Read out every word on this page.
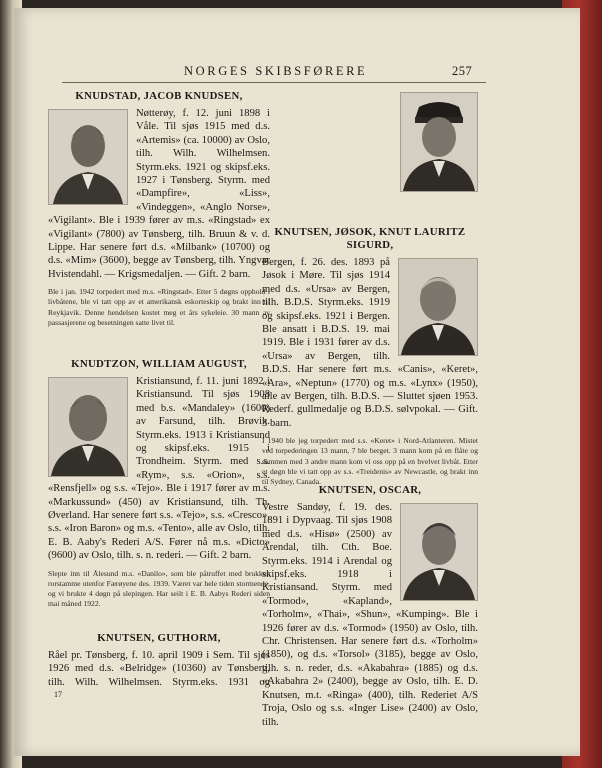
NORGES SKIBSFØRERE	257
KNUDSTAD, JACOB KNUDSEN,

Nøtterøy, f. 12. juni 1898 i Våle. Til sjøs 1915 med d.s. «Artemis» (ca. 10000) av Oslo, tilh. Wilh. Wilhelmsen. Styrm.eks. 1921 og skipsf.eks. 1927 i Tønsberg. Styrm. med «Dampfire», «Liss», «Vindeggen», «Anglo Norse», «Vigilant». Ble i 1939 fører av m.s. «Ringstad» ex «Vigilant» (7800) av Tønsberg, tilh. Bruun & v. d. Lippe. Har senere ført d.s. «Milbank» (10700) og d.s. «Mim» (3600), begge av Tønsberg, tilh. Yngvar Hvistendahl. — Krigsmedaljen. — Gift. 2 barn.

Ble i jan. 1942 torpedert med m.s. «Ringstad». Etter 5 døgns opphold i livbåtene, ble vi tatt opp av et amerikansk eskorteskip og brakt inn til Reykjavik. Denne hendelsen kostet meg et års sykeleie. 30 mann av passasjerene og besetningen satte livet til.

KNUDTZON, WILLIAM AUGUST,

Kristiansund, f. 11. juni 1892 i Kristiansund. Til sjøs 1908 med b.s. «Mandaley» (1600) av Farsund, tilh. Brøvik. Styrm.eks. 1913 i Kristiansund og skipsf.eks. 1915 i Trondheim. Styrm. med s.s. «Rym», s.s. «Orion», s.s. «Rensfjell» og s.s. «Tejo». Ble i 1917 fører av m.s. «Markussund» (450) av Kristiansund, tilh. Th. Øverland. Har senere ført s.s. «Tejo», s.s. «Cresco», s.s. «Iron Baron» og m.s. «Tento», alle av Oslo, tilh. E. B. Aaby's Rederi A/S. Fører nå m.s. «Dicto» (9600) av Oslo, tilh. s. n. rederi. — Gift. 2 barn.

Slepte inn til Ålesund m.s. «Danilo», som ble påtruffet med brukken rorstamme utenfor Færøyene des. 1939. Været var hele tiden stormende, og vi brukte 4 døgn på slepingen. Har seilt i E. B. Aabys Rederi siden mai måned 1922.

KNUTSEN, GUTHORM,

Råel pr. Tønsberg, f. 10. april 1909 i Sem. Til sjøs 1926 med d.s. «Belridge» (10360) av Tønsberg, tilh. Wilh. Wilhelmsen. Styrm.eks. 1931 og

17

KNUTSEN, JØSOK, KNUT LAURITZ SIGURD,

Bergen, f. 26. des. 1893 på Jøsok i Møre. Til sjøs 1914 med d.s. «Ursa» av Bergen, tilh. B.D.S. Styrm.eks. 1919 og skipsf.eks. 1921 i Bergen. Ble ansatt i B.D.S. 19. mai 1919. Ble i 1931 fører av d.s. «Ursa» av Bergen, tilh. B.D.S. Har senere ført m.s. «Canis», «Keret», «Ara», «Neptun» (1770) og m.s. «Lynx» (1950), alle av Bergen, tilh. B.D.S. — Sluttet sjøen 1953. Rederf. gullmedalje og B.D.S. sølvpokal. — Gift. 3 barn.

I 1940 ble jeg torpedert med s.s. «Keret» i Nord-Atlanteren. Mistet ved torpederingen 13 mann, 7 ble berget. 3 mann kom på en flåte og sammen med 3 andre mann kom vi oss opp på en hvelvet livbåt. Etter et døgn ble vi tatt opp av s.s. «Treidenis» av Newcastle, og brakt inn til Sydney, Canada.

KNUTSEN, OSCAR,

Vestre Sandøy, f. 19. des. 1891 i Dypvaag. Til sjøs 1908 med d.s. «Hisø» (2500) av Arendal, tilh. Cth. Boe. Styrm.eks. 1914 i Arendal og skipsf.eks. 1918 i Kristiansand. Styrm. med «Tormod», «Kapland», «Torholm», «Thai», «Shun», «Kumping». Ble i 1926 fører av d.s. «Tormod» (1950) av Oslo, tilh. Chr. Christensen. Har senere ført d.s. «Torholm» (1850), og d.s. «Torsol» (3185), begge av Oslo, tilh. s. n. reder, d.s. «Akabahra» (1885) og d.s. «Akabahra 2» (2400), begge av Oslo, tilh. E. D. Knutsen, m.t. «Ringa» (400), tilh. Rederiet A/S Troja, Oslo og s.s. «Inger Lise» (2400) av Oslo, tilh.
